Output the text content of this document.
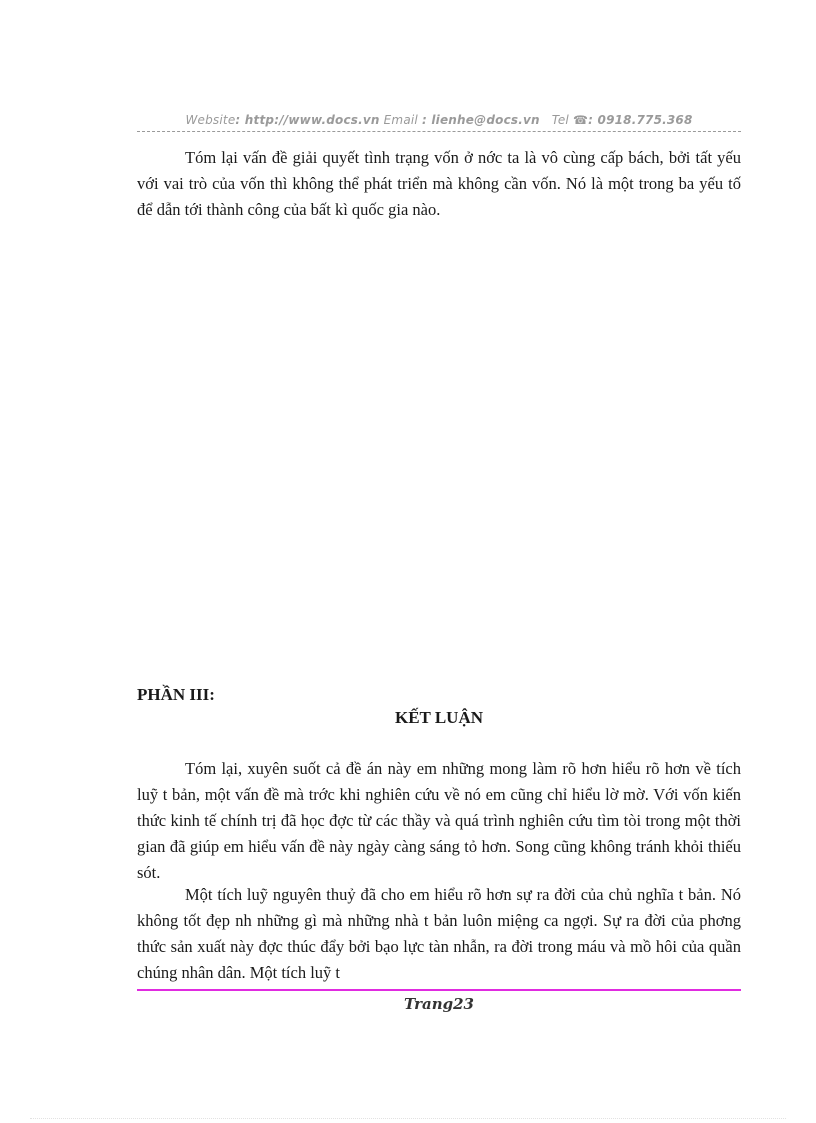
Website: http://www.docs.vn Email : lienhe@docs.vn Tel ☎: 0918.775.368

Tóm lại vấn đề giải quyết tình trạng vốn ở nớc ta là vô cùng cấp bách, bởi tất yếu với vai trò của vốn thì không thể phát triển mà không cần vốn. Nó là một trong ba yếu tố để dẫn tới thành công của bất kì quốc gia nào.

PHẦN III:
KẾT LUẬN

Tóm lại, xuyên suốt cả đề án này em những mong làm rõ hơn hiểu rõ hơn về tích luỹ t bản, một vấn đề mà trớc khi nghiên cứu về nó em cũng chỉ hiểu lờ mờ. Với vốn kiến thức kinh tế chính trị đã học đợc từ các thầy và quá trình nghiên cứu tìm tòi trong một thời gian đã giúp em hiểu vấn đề này ngày càng sáng tỏ hơn. Song cũng không tránh khỏi thiếu sót.

Một tích luỹ nguyên thuỷ đã cho em hiểu rõ hơn sự ra đời của chủ nghĩa t bản. Nó không tốt đẹp nh những gì mà những nhà t bản luôn miệng ca ngợi. Sự ra đời của phơng thức sản xuất này đợc thúc đẩy bởi bạo lực tàn nhẫn, ra đời trong máu và mồ hôi của quần chúng nhân dân. Một tích luỹ t

Trang23
